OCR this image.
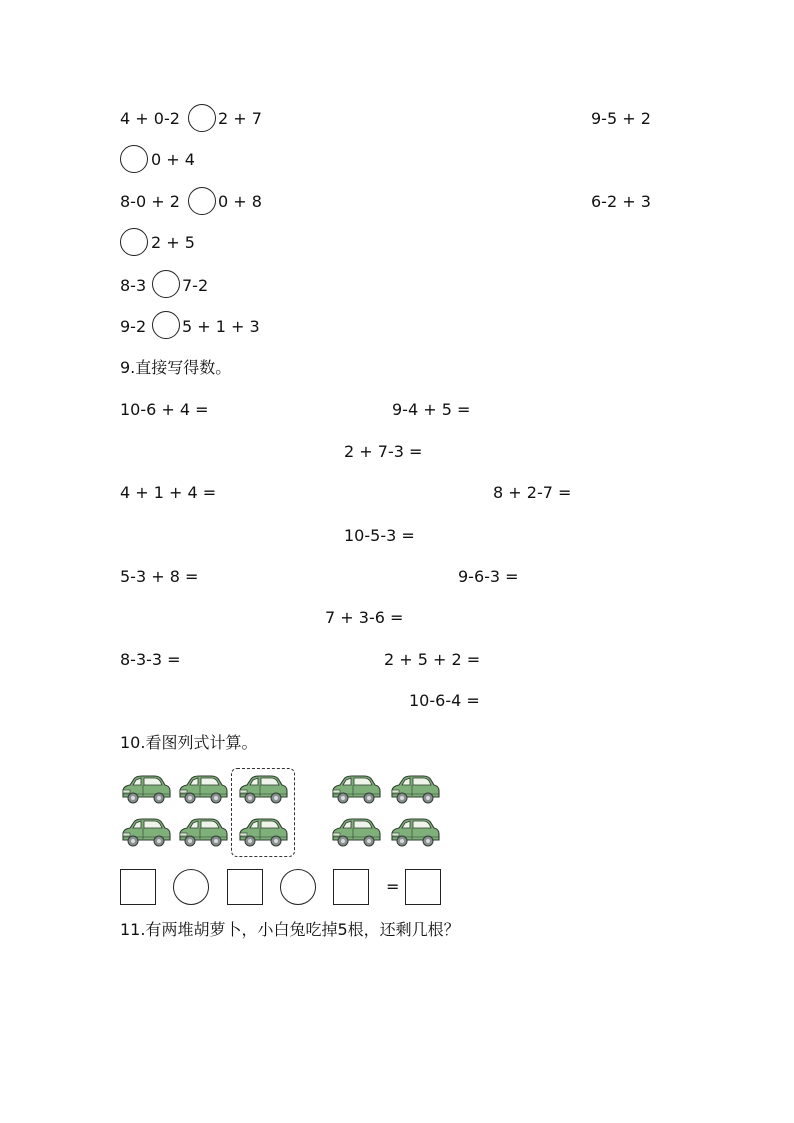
4 + 0-2 2 + 7	9-5 + 2
0 + 4
8-0 + 2 0 + 8	6-2 + 3
2 + 5
8-3 7-2
9-2 5 + 1 + 3
9.直接写得数。
10-6 + 4 =	9-4 + 5 =
2 + 7-3 =
4 + 1 + 4 =	8 + 2-7 =
10-5-3 =
5-3 + 8 =	9-6-3 =
7 + 3-6 =
8-3-3 =	2 + 5 + 2 =
10-6-4 =
10.看图列式计算。
=
11.有两堆胡萝卜，小白兔吃掉5根，还剩几根？
